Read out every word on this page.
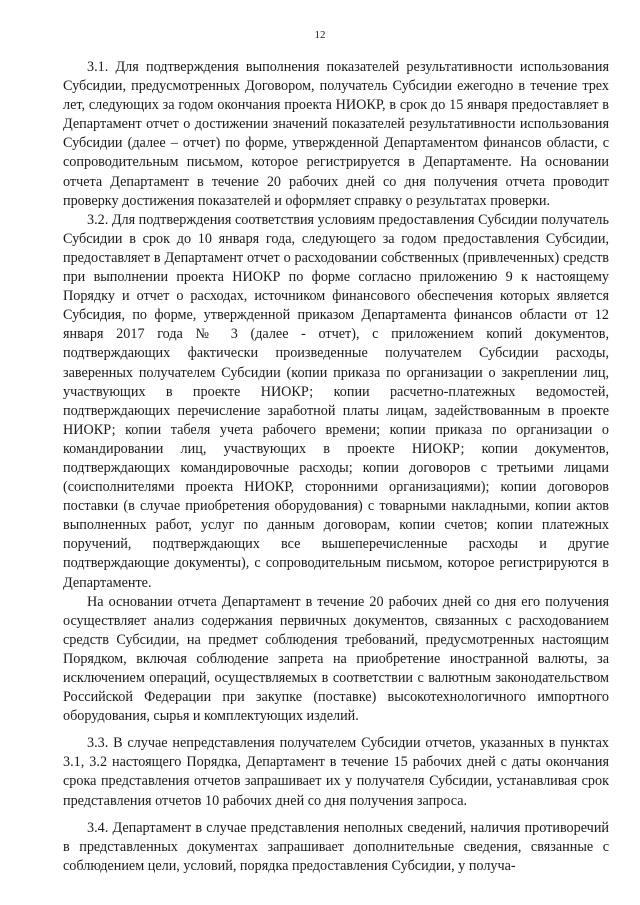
12

3.1. Для подтверждения выполнения показателей результативности использования Субсидии, предусмотренных Договором, получатель Субсидии ежегодно в течение трех лет, следующих за годом окончания проекта НИОКР, в срок до 15 января предоставляет в Департамент отчет о достижении значений показателей результативности использования Субсидии (далее – отчет) по форме, утвержденной Департаментом финансов области, с сопроводительным письмом, которое регистрируется в Департаменте. На основании отчета Департамент в течение 20 рабочих дней со дня получения отчета проводит проверку достижения показателей и оформляет справку о результатах проверки.

3.2. Для подтверждения соответствия условиям предоставления Субсидии получатель Субсидии в срок до 10 января года, следующего за годом предоставления Субсидии, предоставляет в Департамент отчет о расходовании собственных (привлеченных) средств при выполнении проекта НИОКР по форме согласно приложению 9 к настоящему Порядку и отчет о расходах, источником финансового обеспечения которых является Субсидия, по форме, утвержденной приказом Департамента финансов области от 12 января 2017 года № 3 (далее - отчет), с приложением копий документов, подтверждающих фактически произведенные получателем Субсидии расходы, заверенных получателем Субсидии (копии приказа по организации о закреплении лиц, участвующих в проекте НИОКР; копии расчетно-платежных ведомостей, подтверждающих перечисление заработной платы лицам, задействованным в проекте НИОКР; копии табеля учета рабочего времени; копии приказа по организации о командировании лиц, участвующих в проекте НИОКР; копии документов, подтверждающих командировочные расходы; копии договоров с третьими лицами (соисполнителями проекта НИОКР, сторонними организациями); копии договоров поставки (в случае приобретения оборудования) с товарными накладными, копии актов выполненных работ, услуг по данным договорам, копии счетов; копии платежных поручений, подтверждающих все вышеперечисленные расходы и другие подтверждающие документы), с сопроводительным письмом, которое регистрируются в Департаменте.

На основании отчета Департамент в течение 20 рабочих дней со дня его получения осуществляет анализ содержания первичных документов, связанных с расходованием средств Субсидии, на предмет соблюдения требований, предусмотренных настоящим Порядком, включая соблюдение запрета на приобретение иностранной валюты, за исключением операций, осуществляемых в соответствии с валютным законодательством Российской Федерации при закупке (поставке) высокотехнологичного импортного оборудования, сырья и комплектующих изделий.

3.3. В случае непредставления получателем Субсидии отчетов, указанных в пунктах 3.1, 3.2 настоящего Порядка, Департамент в течение 15 рабочих дней с даты окончания срока представления отчетов запрашивает их у получателя Субсидии, устанавливая срок представления отчетов 10 рабочих дней со дня получения запроса.

3.4. Департамент в случае представления неполных сведений, наличия противоречий в представленных документах запрашивает дополнительные сведения, связанные с соблюдением цели, условий, порядка предоставления Субсидии, у получа-
